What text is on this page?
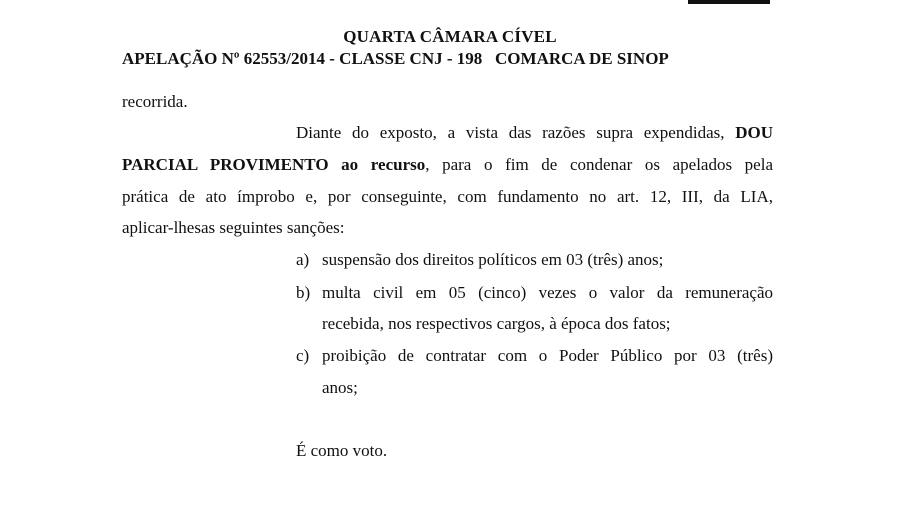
QUARTA CÂMARA CÍVEL
APELAÇÃO Nº 62553/2014 - CLASSE CNJ - 198   COMARCA DE SINOP
recorrida.
Diante do exposto, a vista das razões supra expendidas, DOU
PARCIAL PROVIMENTO ao recurso, para o fim de condenar os apelados pela
prática de ato ímprobo e, por conseguinte, com fundamento no art. 12, III, da LIA,
aplicar-lhesas seguintes sanções:
a) suspensão dos direitos políticos em 03 (três) anos;
b) multa civil em 05 (cinco) vezes o valor da remuneração
recebida, nos respectivos cargos, à época dos fatos;
c) proibição de contratar com o Poder Público por 03 (três)
anos;
É como voto.
